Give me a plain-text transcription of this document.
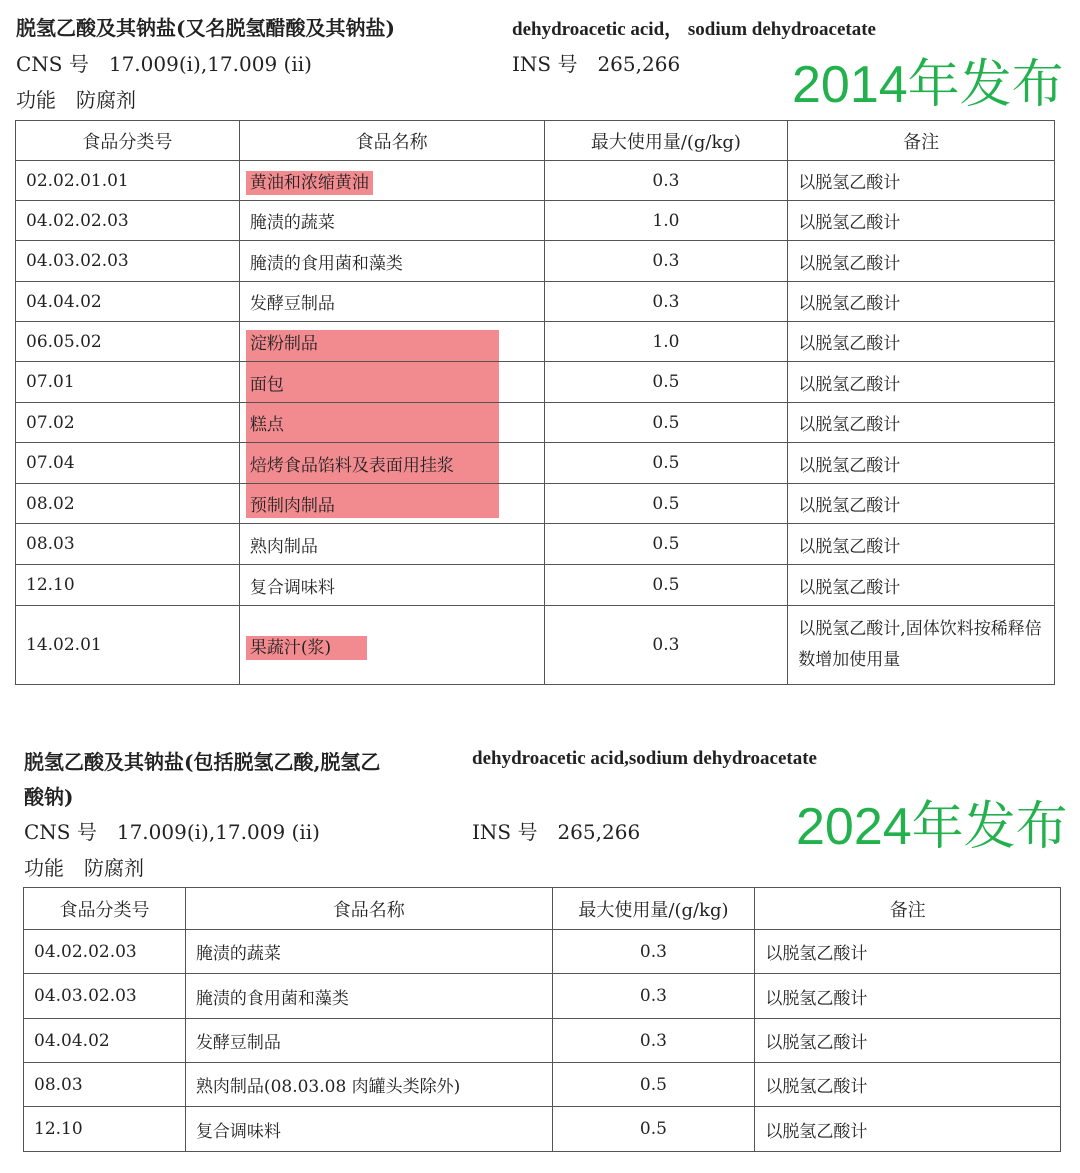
脱氢乙酸及其钠盐(又名脱氢醋酸及其钠盐)	dehydroacetic acid， sodium dehydroacetate
CNS 号　17.009(i),17.009 (ii)	INS 号　265,266
功能　防腐剂	2014年发布
食品分类号	食品名称	最大使用量/(g/kg)	备注
02.02.01.01	黄油和浓缩黄油	0.3	以脱氢乙酸计
04.02.02.03	腌渍的蔬菜	1.0	以脱氢乙酸计
04.03.02.03	腌渍的食用菌和藻类	0.3	以脱氢乙酸计
04.04.02	发酵豆制品	0.3	以脱氢乙酸计
06.05.02	淀粉制品	1.0	以脱氢乙酸计
07.01	面包	0.5	以脱氢乙酸计
07.02	糕点	0.5	以脱氢乙酸计
07.04	焙烤食品馅料及表面用挂浆	0.5	以脱氢乙酸计
08.02	预制肉制品	0.5	以脱氢乙酸计
08.03	熟肉制品	0.5	以脱氢乙酸计
12.10	复合调味料	0.5	以脱氢乙酸计
14.02.01	果蔬汁(浆)	0.3	以脱氢乙酸计,固体饮料按稀释倍数增加使用量
脱氢乙酸及其钠盐(包括脱氢乙酸,脱氢乙
酸钠)
dehydroacetic acid,sodium dehydroacetate
CNS 号　17.009(i),17.009 (ii)	INS 号　265,266
功能　防腐剂
2024年发布
食品分类号	食品名称	最大使用量/(g/kg)	备注
04.02.02.03	腌渍的蔬菜	0.3	以脱氢乙酸计
04.03.02.03	腌渍的食用菌和藻类	0.3	以脱氢乙酸计
04.04.02	发酵豆制品	0.3	以脱氢乙酸计
08.03	熟肉制品(08.03.08 肉罐头类除外)	0.5	以脱氢乙酸计
12.10	复合调味料	0.5	以脱氢乙酸计
